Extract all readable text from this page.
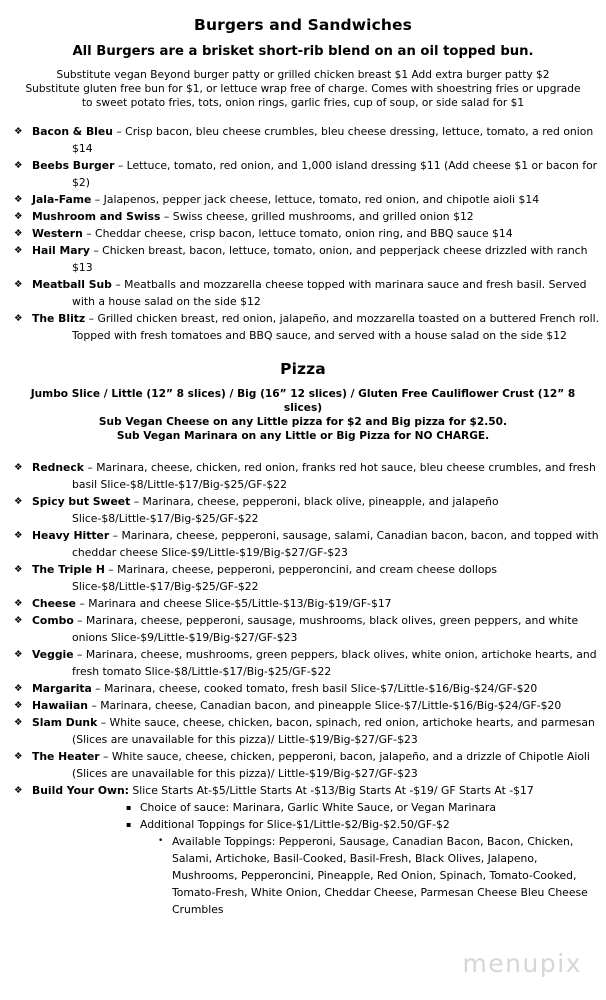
Burgers and Sandwiches
All Burgers are a brisket short-rib blend on an oil topped bun.
Substitute vegan Beyond burger patty or grilled chicken breast $1 Add extra burger patty $2
Substitute gluten free bun for $1, or lettuce wrap free of charge. Comes with shoestring fries or upgrade to sweet potato fries, tots, onion rings, garlic fries, cup of soup, or side salad for $1
❖ Bacon & Bleu – Crisp bacon, bleu cheese crumbles, bleu cheese dressing, lettuce, tomato, a red onion $14
❖ Beebs Burger – Lettuce, tomato, red onion, and 1,000 island dressing $11 (Add cheese $1 or bacon for $2)
❖ Jala-Fame – Jalapenos, pepper jack cheese, lettuce, tomato, red onion, and chipotle aioli $14
❖ Mushroom and Swiss – Swiss cheese, grilled mushrooms, and grilled onion $12
❖ Western – Cheddar cheese, crisp bacon, lettuce tomato, onion ring, and BBQ sauce $14
❖ Hail Mary – Chicken breast, bacon, lettuce, tomato, onion, and pepperjack cheese drizzled with ranch $13
❖ Meatball Sub – Meatballs and mozzarella cheese topped with marinara sauce and fresh basil. Served with a house salad on the side $12
❖ The Blitz – Grilled chicken breast, red onion, jalapeño, and mozzarella toasted on a buttered French roll. Topped with fresh tomatoes and BBQ sauce, and served with a house salad on the side $12
Pizza
Jumbo Slice / Little (12” 8 slices) / Big (16” 12 slices) / Gluten Free Cauliflower Crust (12” 8 slices)
Sub Vegan Cheese on any Little pizza for $2 and Big pizza for $2.50.
Sub Vegan Marinara on any Little or Big Pizza for NO CHARGE.
❖ Redneck – Marinara, cheese, chicken, red onion, franks red hot sauce, bleu cheese crumbles, and fresh basil Slice-$8/Little-$17/Big-$25/GF-$22
❖ Spicy but Sweet – Marinara, cheese, pepperoni, black olive, pineapple, and jalapeño Slice-$8/Little-$17/Big-$25/GF-$22
❖ Heavy Hitter – Marinara, cheese, pepperoni, sausage, salami, Canadian bacon, bacon, and topped with cheddar cheese Slice-$9/Little-$19/Big-$27/GF-$23
❖ The Triple H – Marinara, cheese, pepperoni, pepperoncini, and cream cheese dollops Slice-$8/Little-$17/Big-$25/GF-$22
❖ Cheese – Marinara and cheese Slice-$5/Little-$13/Big-$19/GF-$17
❖ Combo – Marinara, cheese, pepperoni, sausage, mushrooms, black olives, green peppers, and white onions Slice-$9/Little-$19/Big-$27/GF-$23
❖ Veggie – Marinara, cheese, mushrooms, green peppers, black olives, white onion, artichoke hearts, and fresh tomato Slice-$8/Little-$17/Big-$25/GF-$22
❖ Margarita – Marinara, cheese, cooked tomato, fresh basil Slice-$7/Little-$16/Big-$24/GF-$20
❖ Hawaiian – Marinara, cheese, Canadian bacon, and pineapple Slice-$7/Little-$16/Big-$24/GF-$20
❖ Slam Dunk – White sauce, cheese, chicken, bacon, spinach, red onion, artichoke hearts, and parmesan (Slices are unavailable for this pizza)/ Little-$19/Big-$27/GF-$23
❖ The Heater – White sauce, cheese, chicken, pepperoni, bacon, jalapeño, and a drizzle of Chipotle Aioli (Slices are unavailable for this pizza)/ Little-$19/Big-$27/GF-$23
❖ Build Your Own: Slice Starts At-$5/Little Starts At -$13/Big Starts At -$19/ GF Starts At -$17
▪ Choice of sauce: Marinara, Garlic White Sauce, or Vegan Marinara
▪ Additional Toppings for Slice-$1/Little-$2/Big-$2.50/GF-$2
• Available Toppings: Pepperoni, Sausage, Canadian Bacon, Bacon, Chicken, Salami, Artichoke, Basil-Cooked, Basil-Fresh, Black Olives, Jalapeno, Mushrooms, Pepperoncini, Pineapple, Red Onion, Spinach, Tomato-Cooked, Tomato-Fresh, White Onion, Cheddar Cheese, Parmesan Cheese Bleu Cheese Crumbles
menupix
